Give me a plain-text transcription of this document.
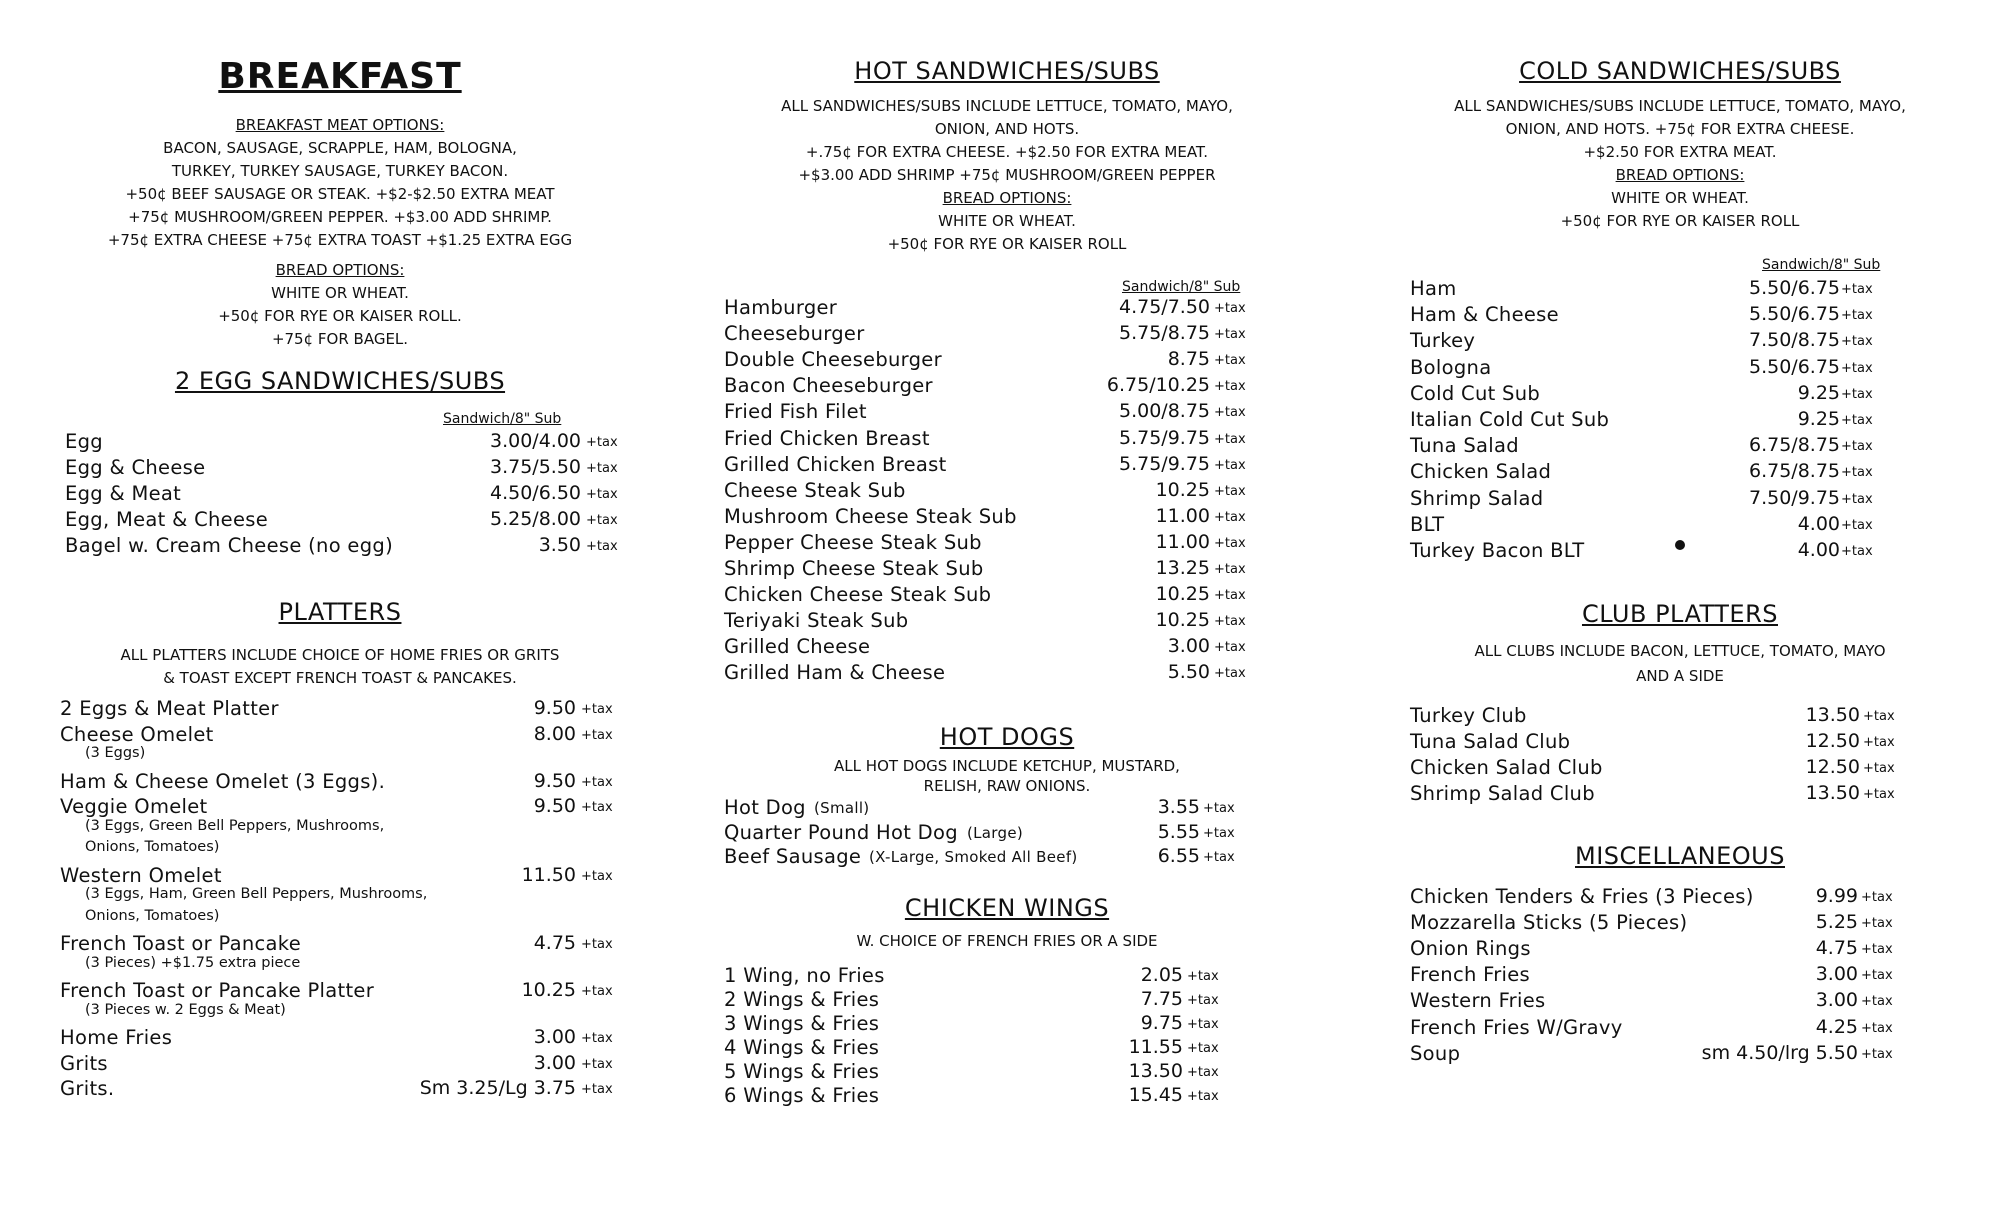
BREAKFAST
BREAKFAST MEAT OPTIONS:
BACON, SAUSAGE, SCRAPPLE, HAM, BOLOGNA,
TURKEY, TURKEY SAUSAGE, TURKEY BACON.
+50¢ BEEF SAUSAGE OR STEAK. +$2-$2.50 EXTRA MEAT
+75¢ MUSHROOM/GREEN PEPPER. +$3.00 ADD SHRIMP.
+75¢ EXTRA CHEESE +75¢ EXTRA TOAST +$1.25 EXTRA EGG
BREAD OPTIONS:
WHITE OR WHEAT.
+50¢ FOR RYE OR KAISER ROLL.
+75¢ FOR BAGEL.
2 EGG SANDWICHES/SUBS
Sandwich/8" Sub
Egg	3.00/4.00 +tax
Egg & Cheese	3.75/5.50 +tax
Egg & Meat	4.50/6.50 +tax
Egg, Meat & Cheese	5.25/8.00 +tax
Bagel w. Cream Cheese (no egg)	3.50 +tax
PLATTERS
ALL PLATTERS INCLUDE CHOICE OF HOME FRIES OR GRITS
& TOAST EXCEPT FRENCH TOAST & PANCAKES.
2 Eggs & Meat Platter	9.50 +tax
Cheese Omelet	8.00 +tax
(3 Eggs)
Ham & Cheese Omelet (3 Eggs).	9.50 +tax
Veggie Omelet	9.50 +tax
(3 Eggs, Green Bell Peppers, Mushrooms,
Onions, Tomatoes)
Western Omelet	11.50 +tax
(3 Eggs, Ham, Green Bell Peppers, Mushrooms,
Onions, Tomatoes)
French Toast or Pancake	4.75 +tax
(3 Pieces) +$1.75 extra piece
French Toast or Pancake Platter	10.25 +tax
(3 Pieces w. 2 Eggs & Meat)
Home Fries	3.00 +tax
Grits	3.00 +tax
Grits.	Sm 3.25/Lg 3.75 +tax
HOT SANDWICHES/SUBS
ALL SANDWICHES/SUBS INCLUDE LETTUCE, TOMATO, MAYO,
ONION, AND HOTS.
+.75¢ FOR EXTRA CHEESE. +$2.50 FOR EXTRA MEAT.
+$3.00 ADD SHRIMP +75¢ MUSHROOM/GREEN PEPPER
BREAD OPTIONS:
WHITE OR WHEAT.
+50¢ FOR RYE OR KAISER ROLL
Sandwich/8" Sub
Hamburger	4.75/7.50 +tax
Cheeseburger	5.75/8.75 +tax
Double Cheeseburger	8.75 +tax
Bacon Cheeseburger	6.75/10.25 +tax
Fried Fish Filet	5.00/8.75 +tax
Fried Chicken Breast	5.75/9.75 +tax
Grilled Chicken Breast	5.75/9.75 +tax
Cheese Steak Sub	10.25 +tax
Mushroom Cheese Steak Sub	11.00 +tax
Pepper Cheese Steak Sub	11.00 +tax
Shrimp Cheese Steak Sub	13.25 +tax
Chicken Cheese Steak Sub	10.25 +tax
Teriyaki Steak Sub	10.25 +tax
Grilled Cheese	3.00 +tax
Grilled Ham & Cheese	5.50 +tax
HOT DOGS
ALL HOT DOGS INCLUDE KETCHUP, MUSTARD,
RELISH, RAW ONIONS.
Hot Dog (Small)	3.55 +tax
Quarter Pound Hot Dog (Large)	5.55 +tax
Beef Sausage (X-Large, Smoked All Beef)	6.55 +tax
CHICKEN WINGS
W. CHOICE OF FRENCH FRIES OR A SIDE
1 Wing, no Fries	2.05 +tax
2 Wings & Fries	7.75 +tax
3 Wings & Fries	9.75 +tax
4 Wings & Fries	11.55 +tax
5 Wings & Fries	13.50 +tax
6 Wings & Fries	15.45 +tax
COLD SANDWICHES/SUBS
ALL SANDWICHES/SUBS INCLUDE LETTUCE, TOMATO, MAYO,
ONION, AND HOTS. +75¢ FOR EXTRA CHEESE.
+$2.50 FOR EXTRA MEAT.
BREAD OPTIONS:
WHITE OR WHEAT.
+50¢ FOR RYE OR KAISER ROLL
Sandwich/8" Sub
Ham	5.50/6.75 +tax
Ham & Cheese	5.50/6.75 +tax
Turkey	7.50/8.75 +tax
Bologna	5.50/6.75 +tax
Cold Cut Sub	9.25 +tax
Italian Cold Cut Sub	9.25 +tax
Tuna Salad	6.75/8.75 +tax
Chicken Salad	6.75/8.75 +tax
Shrimp Salad	7.50/9.75 +tax
BLT	4.00 +tax
Turkey Bacon BLT	4.00 +tax
CLUB PLATTERS
ALL CLUBS INCLUDE BACON, LETTUCE, TOMATO, MAYO
AND A SIDE
Turkey Club	13.50 +tax
Tuna Salad Club	12.50 +tax
Chicken Salad Club	12.50 +tax
Shrimp Salad Club	13.50 +tax
MISCELLANEOUS
Chicken Tenders & Fries (3 Pieces)	9.99 +tax
Mozzarella Sticks (5 Pieces)	5.25 +tax
Onion Rings	4.75 +tax
French Fries	3.00 +tax
Western Fries	3.00 +tax
French Fries W/Gravy	4.25 +tax
Soup	sm 4.50/lrg 5.50 +tax
